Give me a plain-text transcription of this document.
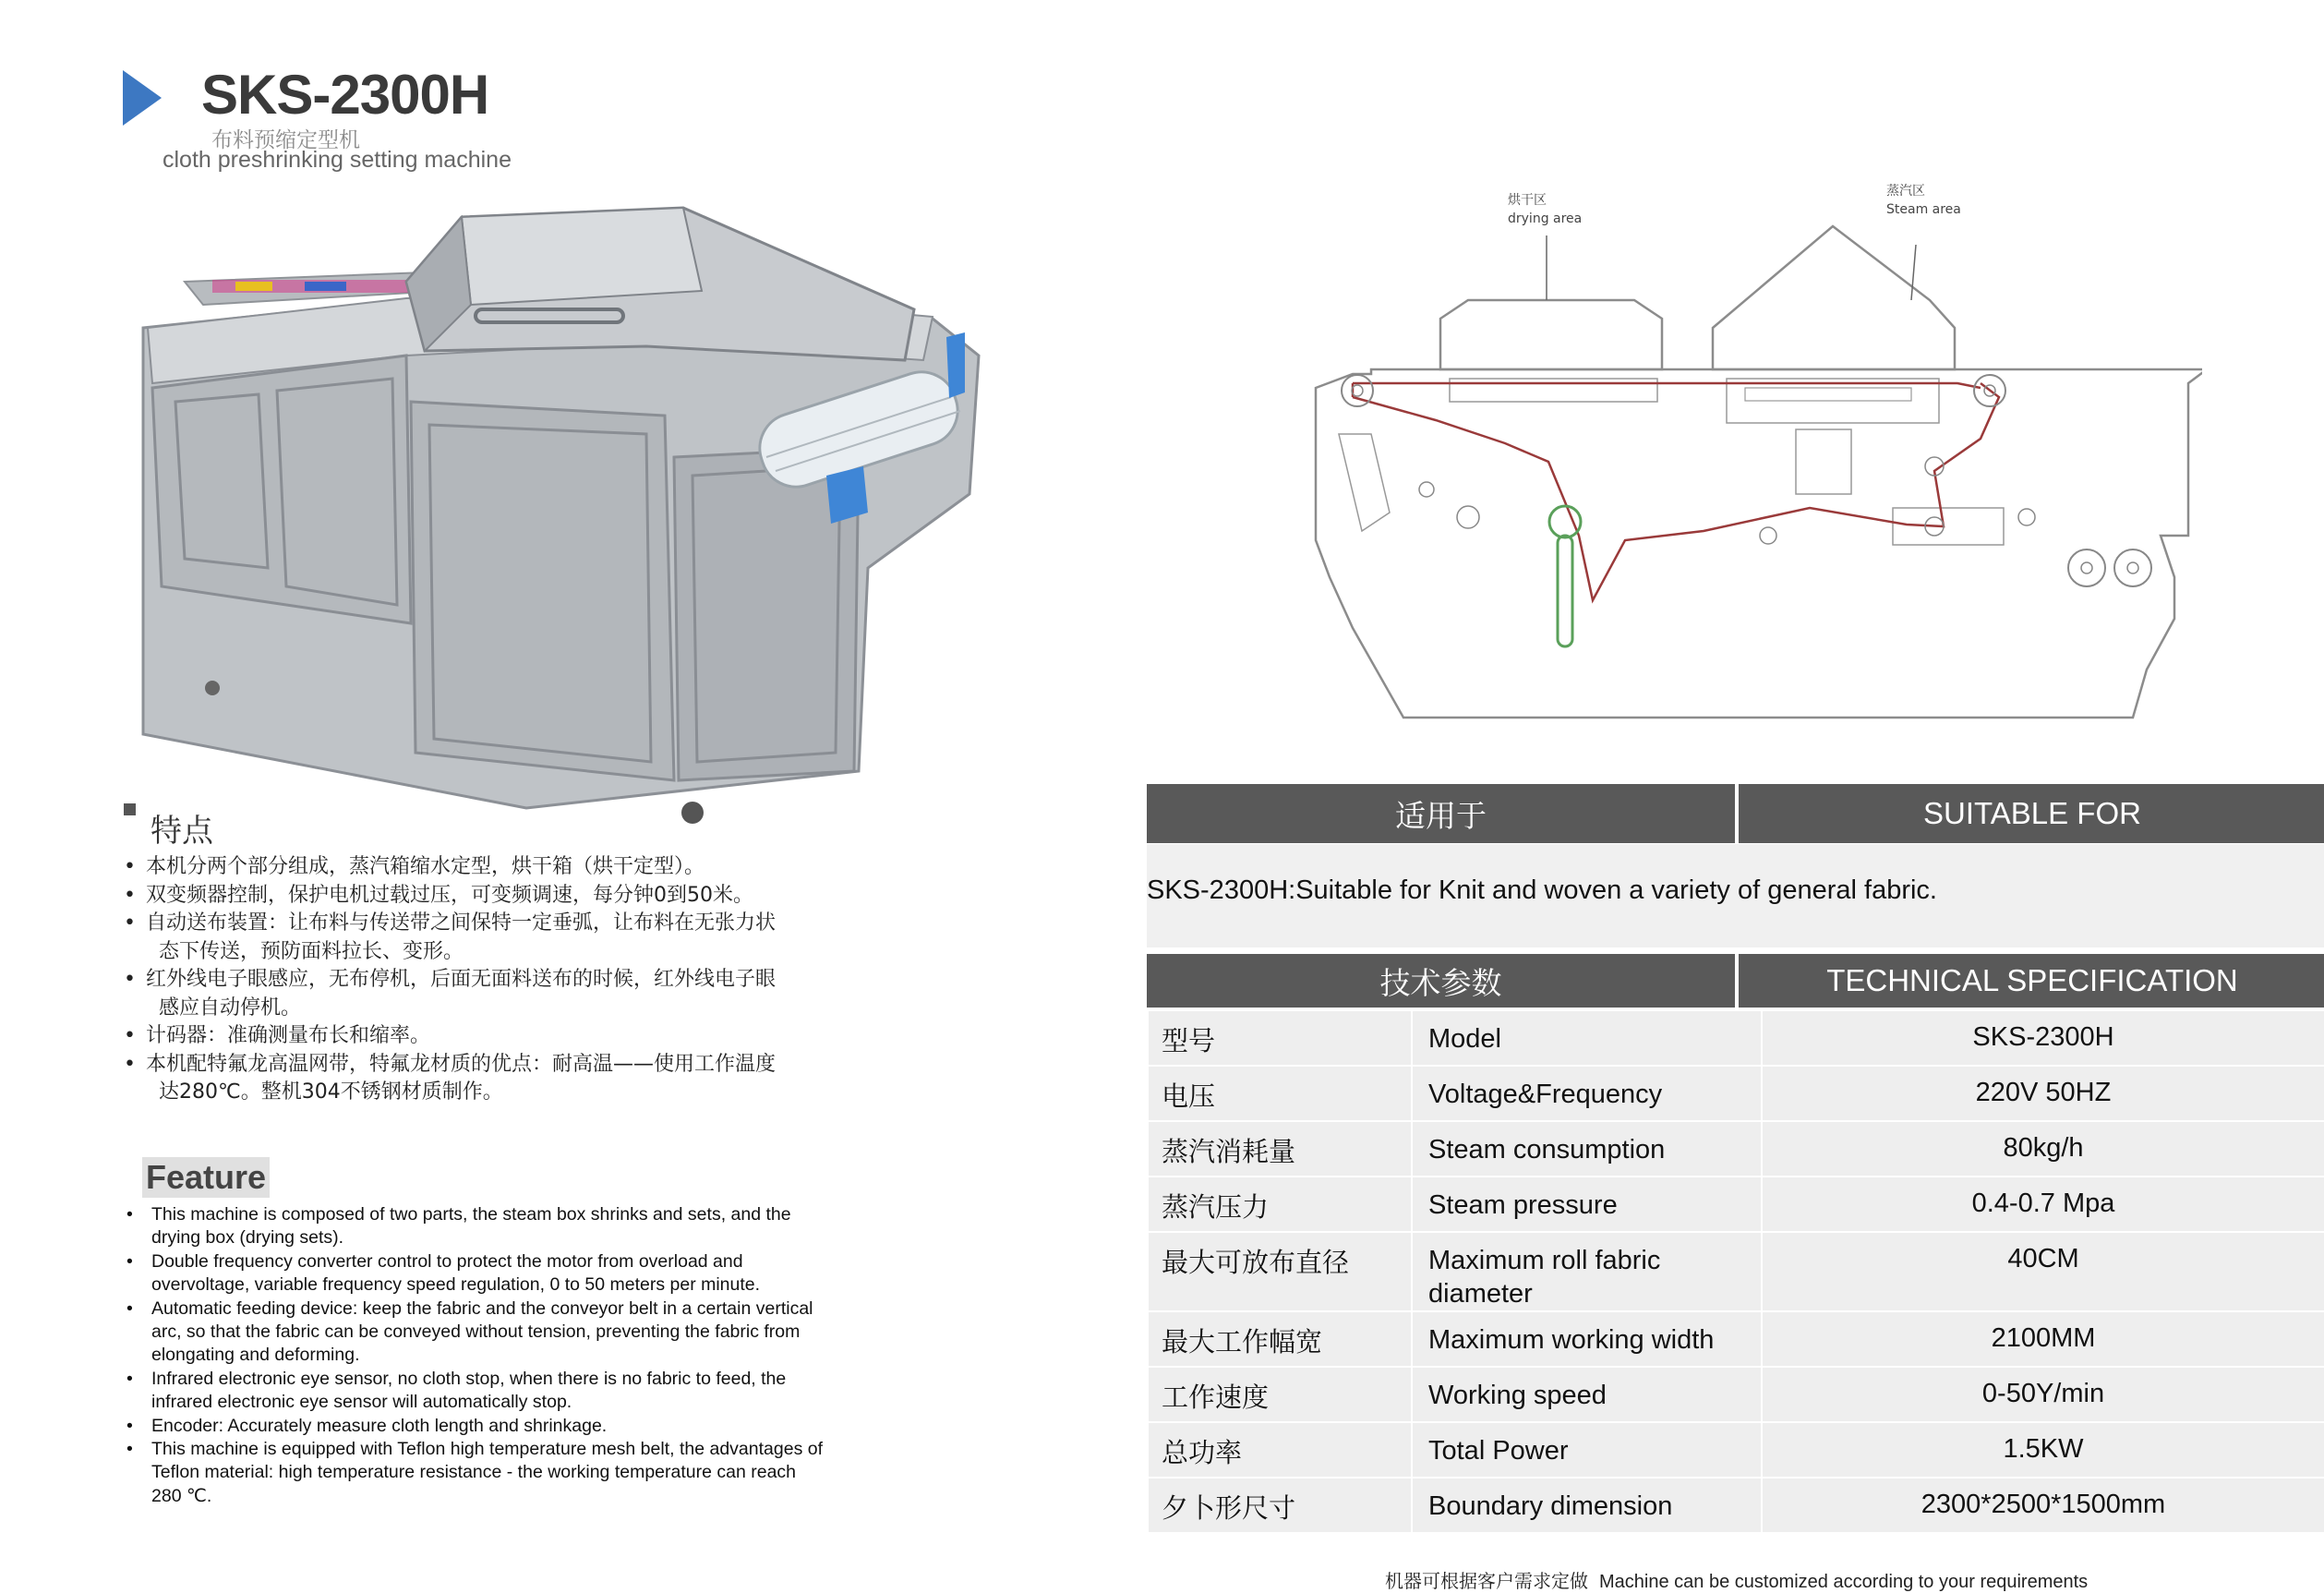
SKS-2300H
布料预缩定型机
cloth preshrinking setting machine
烘干区
drying area
蒸汽区
Steam area
特点
• 本机分两个部分组成，蒸汽箱缩水定型，烘干箱（烘干定型）。
• 双变频器控制，保护电机过载过压，可变频调速，每分钟0到50米。
• 自动送布装置：让布料与传送带之间保特一定垂弧，让布料在无张力状
态下传送，预防面料拉长、变形。
• 红外线电子眼感应，无布停机，后面无面料送布的时候，红外线电子眼
感应自动停机。
• 计码器：准确测量布长和缩率。
• 本机配特氟龙高温网带，特氟龙材质的优点：耐高温——使用工作温度
达280℃。整机304不锈钢材质制作。
Feature
• This machine is composed of two parts, the steam box shrinks and sets, and the
drying box (drying sets).
• Double frequency converter control to protect the motor from overload and
overvoltage, variable frequency speed regulation, 0 to 50 meters per minute.
• Automatic feeding device: keep the fabric and the conveyor belt in a certain vertical
arc, so that the fabric can be conveyed without tension, preventing the fabric from
elongating and deforming.
• Infrared electronic eye sensor, no cloth stop, when there is no fabric to feed, the
infrared electronic eye sensor will automatically stop.
• Encoder: Accurately measure cloth length and shrinkage.
• This machine is equipped with Teflon high temperature mesh belt, the advantages of
Teflon material: high temperature resistance - the working temperature can reach
280 ℃.
适用于	SUITABLE FOR
SKS-2300H:Suitable for Knit and woven a variety of general fabric.
技术参数	TECHNICAL SPECIFICATION
型号	Model	SKS-2300H
电压	Voltage&Frequency	220V 50HZ
蒸汽消耗量	Steam consumption	80kg/h
蒸汽压力	Steam pressure	0.4-0.7 Mpa
最大可放布直径	Maximum roll fabric
diameter	40CM
最大工作幅宽	Maximum working width	2100MM
工作速度	Working speed	0-50Y/min
总功率	Total Power	1.5KW
夕卜形尺寸	Boundary dimension	2300*2500*1500mm
机器可根据客户需求定做 Machine can be customized according to your requirements
